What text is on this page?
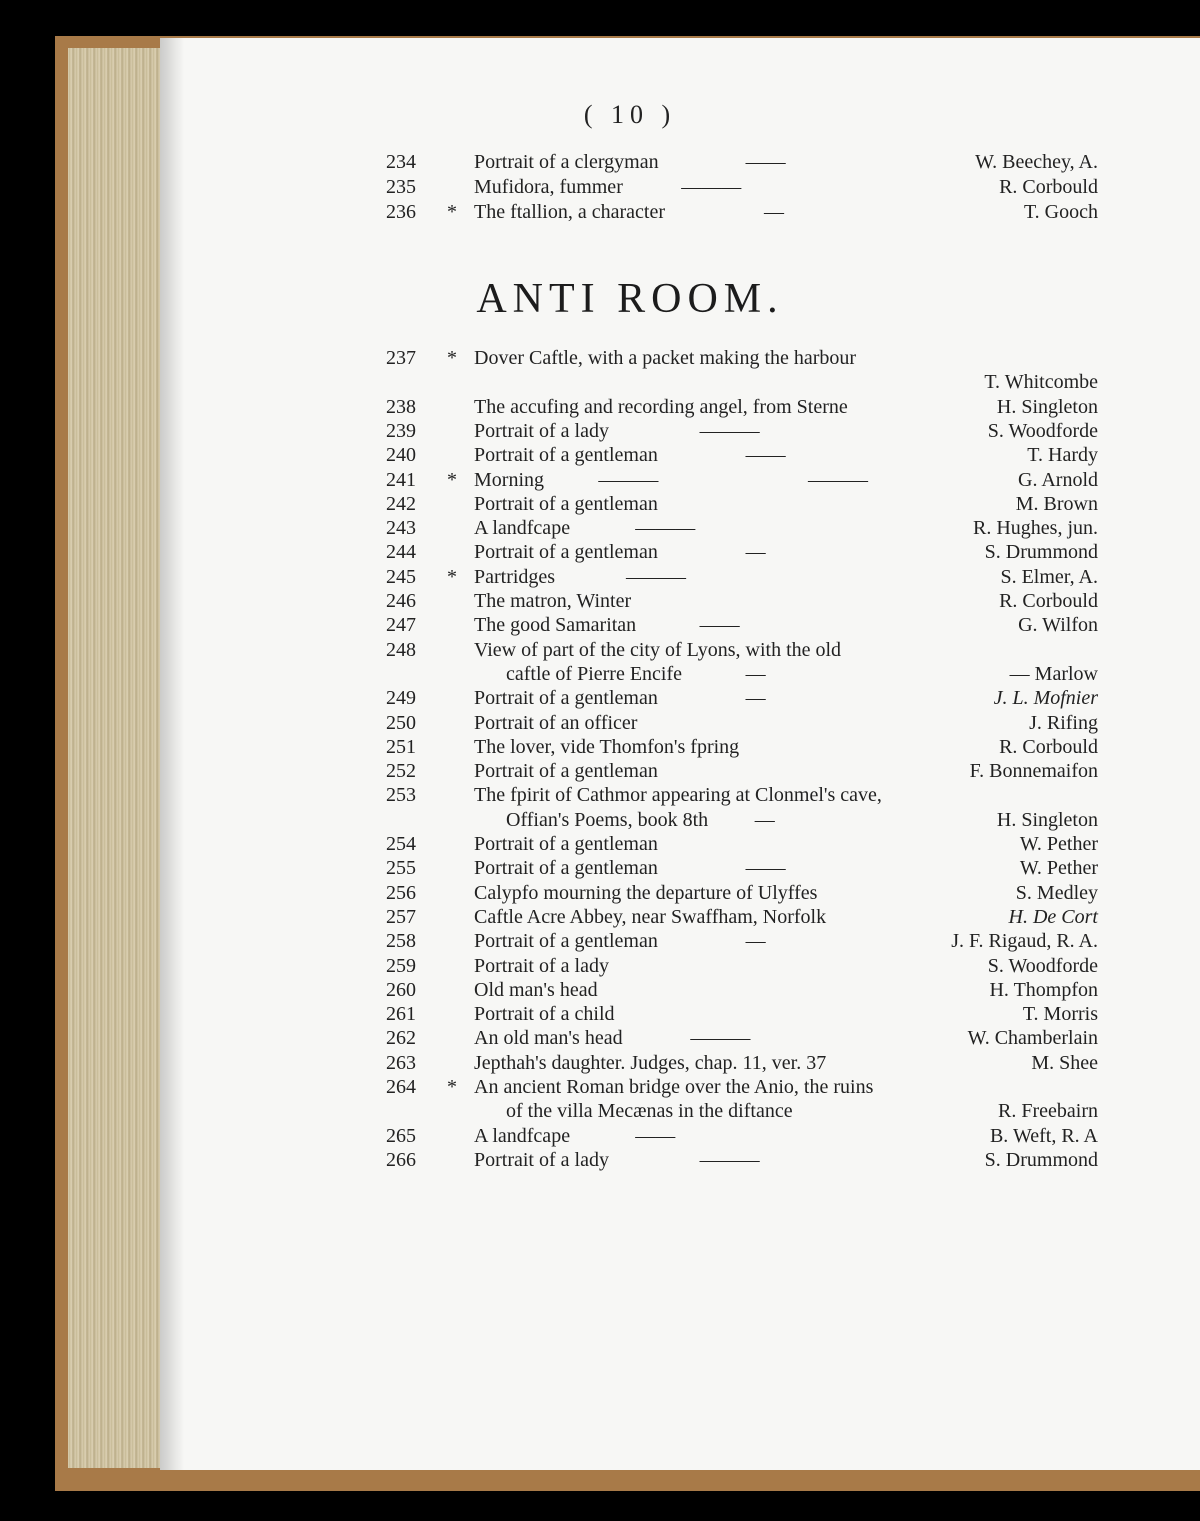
( 10 )
234	Portrait of a clergyman	——	W. Beechey, A.
235	Mufidora, fummer	———	R. Corbould
236 * The ftallion, a character	—	T. Gooch
ANTI ROOM.
237 * Dover Caftle, with a packet making the harbour
T. Whitcombe
238	The accufing and recording angel, from Sterne	H. Singleton
239	Portrait of a lady	———	S. Woodforde
240	Portrait of a gentleman	——	T. Hardy
241 * Morning	———	———	G. Arnold
242	Portrait of a gentleman	M. Brown
243	A landfcape	———	R. Hughes, jun.
244	Portrait of a gentleman	—	S. Drummond
245 * Partridges	———	S. Elmer, A.
246	The matron, Winter	R. Corbould
247	The good Samaritan	——	G. Wilfon
248	View of part of the city of Lyons, with the old
caftle of Pierre Encife	—	— Marlow
249	Portrait of a gentleman	—	J. L. Mofnier
250	Portrait of an officer	J. Rifing
251	The lover, vide Thomfon's fpring	R. Corbould
252	Portrait of a gentleman	F. Bonnemaifon
253	The fpirit of Cathmor appearing at Clonmel's cave,
Offian's Poems, book 8th —	H. Singleton
254	Portrait of a gentleman	W. Pether
255	Portrait of a gentleman	——	W. Pether
256	Calypfo mourning the departure of Ulyffes	S. Medley
257	Caftle Acre Abbey, near Swaffham, Norfolk	H. De Cort
258	Portrait of a gentleman	—	J. F. Rigaud, R. A.
259	Portrait of a lady	S. Woodforde
260	Old man's head	H. Thompfon
261	Portrait of a child	T. Morris
262	An old man's head	———	W. Chamberlain
263	Jepthah's daughter. Judges, chap. 11, ver. 37	M. Shee
264 * An ancient Roman bridge over the Anio, the ruins
of the villa Mecænas in the diftance	R. Freebairn
265	A landfcape	——	B. Weft, R. A
266	Portrait of a lady	———	S. Drummond
